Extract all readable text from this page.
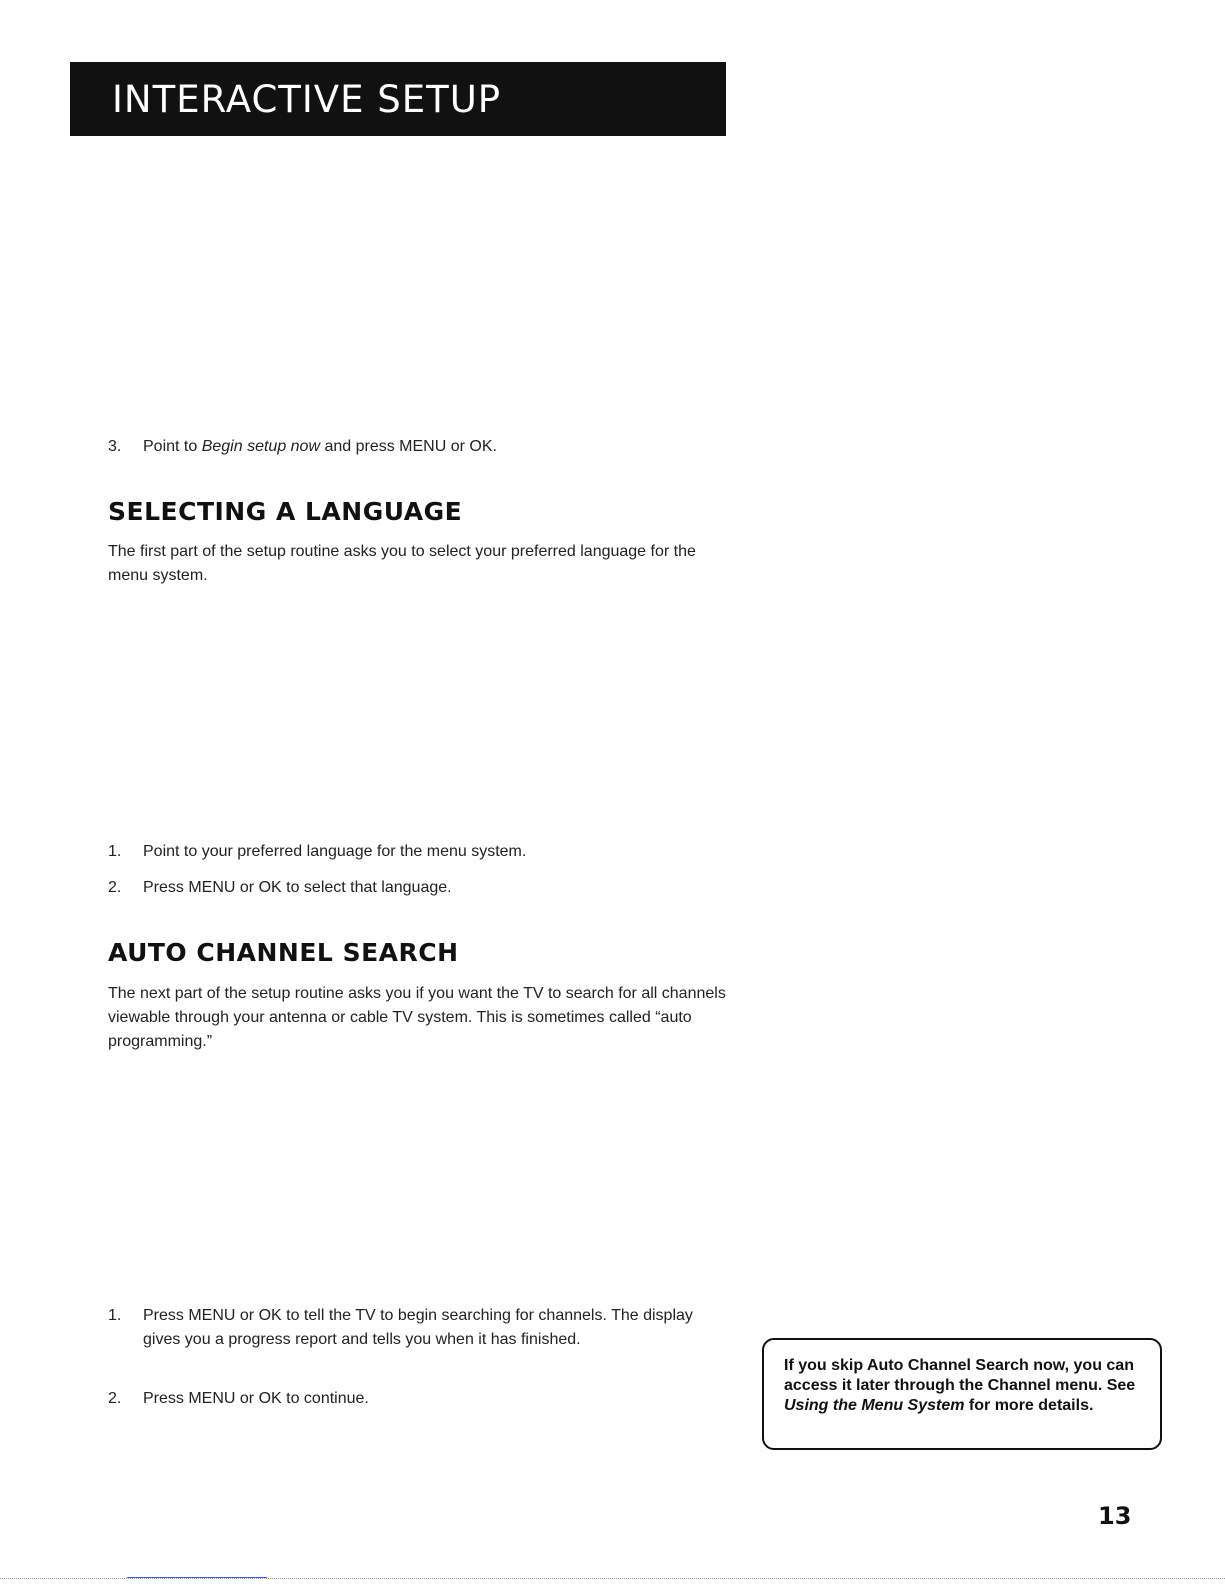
INTERACTIVE SETUP
3. Point to Begin setup now and press MENU or OK.
SELECTING A LANGUAGE

The first part of the setup routine asks you to select your preferred language for the menu system.

1. Point to your preferred language for the menu system.
2. Press MENU or OK to select that language.
AUTO CHANNEL SEARCH

The next part of the setup routine asks you if you want the TV to search for all channels viewable through your antenna or cable TV system. This is sometimes called “auto programming.”

1. Press MENU or OK to tell the TV to begin searching for channels. The display gives you a progress report and tells you when it has finished.
2. Press MENU or OK to continue.

If you skip Auto Channel Search now, you can access it later through the Channel menu. See Using the Menu System for more details.

13
